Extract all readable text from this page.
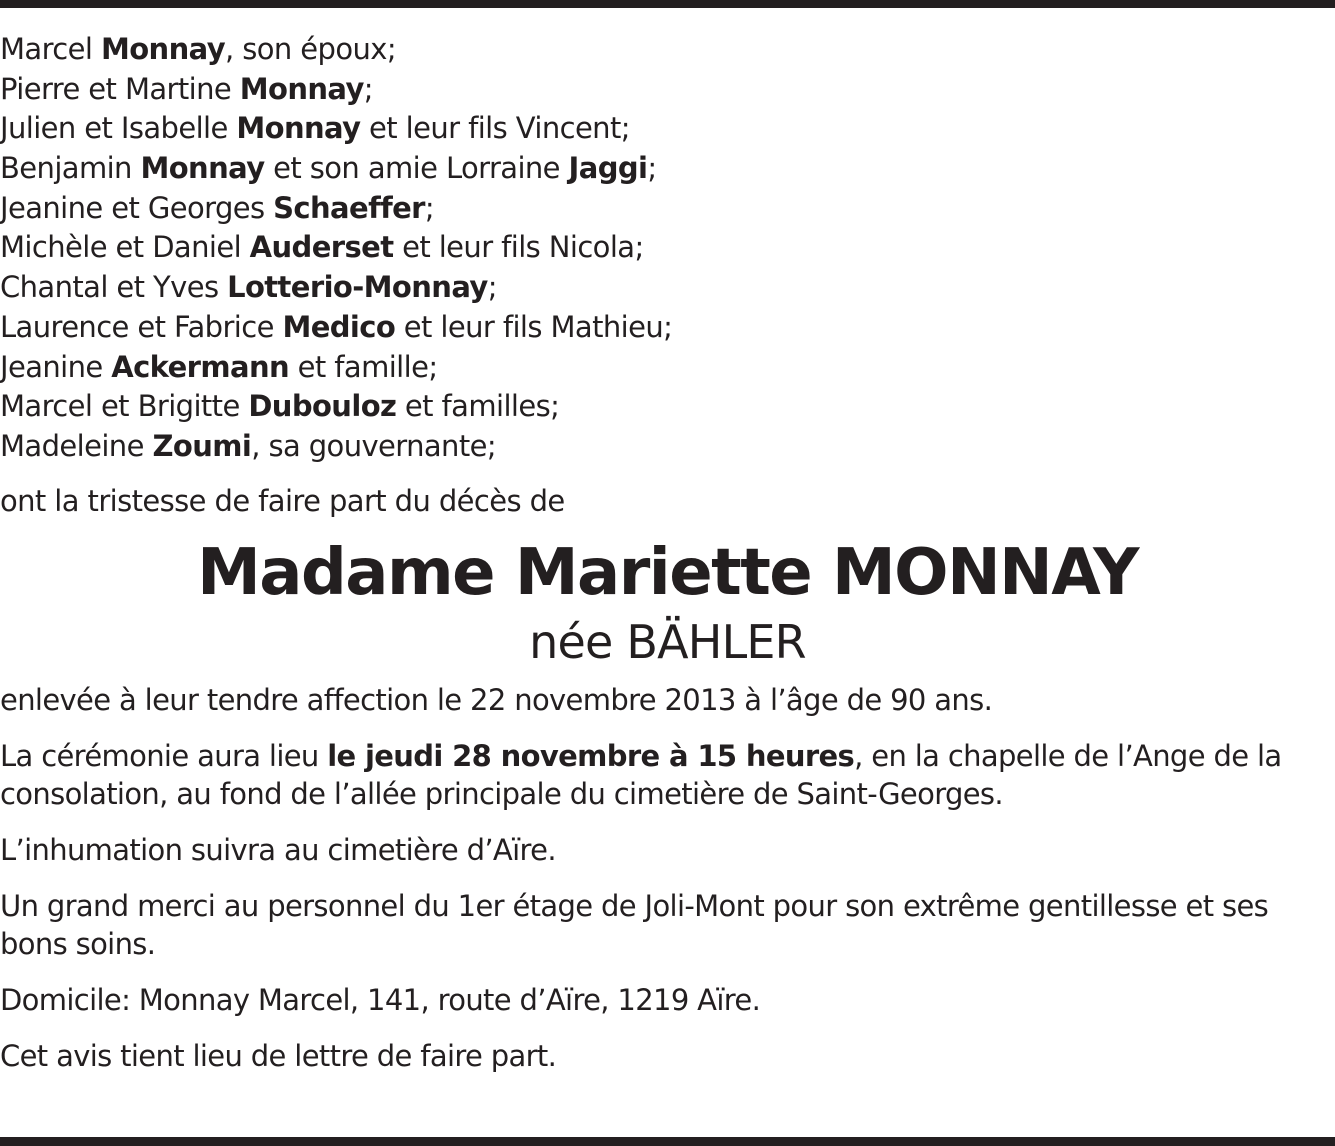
Marcel Monnay, son époux;
Pierre et Martine Monnay;
Julien et Isabelle Monnay et leur fils Vincent;
Benjamin Monnay et son amie Lorraine Jaggi;
Jeanine et Georges Schaeffer;
Michèle et Daniel Auderset et leur fils Nicola;
Chantal et Yves Lotterio-Monnay;
Laurence et Fabrice Medico et leur fils Mathieu;
Jeanine Ackermann et famille;
Marcel et Brigitte Dubouloz et familles;
Madeleine Zoumi, sa gouvernante;
ont la tristesse de faire part du décès de
Madame Mariette MONNAY
née BÄHLER
enlevée à leur tendre affection le 22 novembre 2013 à l’âge de 90 ans.
La cérémonie aura lieu le jeudi 28 novembre à 15 heures, en la chapelle de l’Ange de la consolation, au fond de l’allée principale du cimetière de Saint-Georges.
L’inhumation suivra au cimetière d’Aïre.
Un grand merci au personnel du 1er étage de Joli-Mont pour son extrême gentillesse et ses bons soins.
Domicile: Monnay Marcel, 141, route d’Aïre, 1219 Aïre.
Cet avis tient lieu de lettre de faire part.
